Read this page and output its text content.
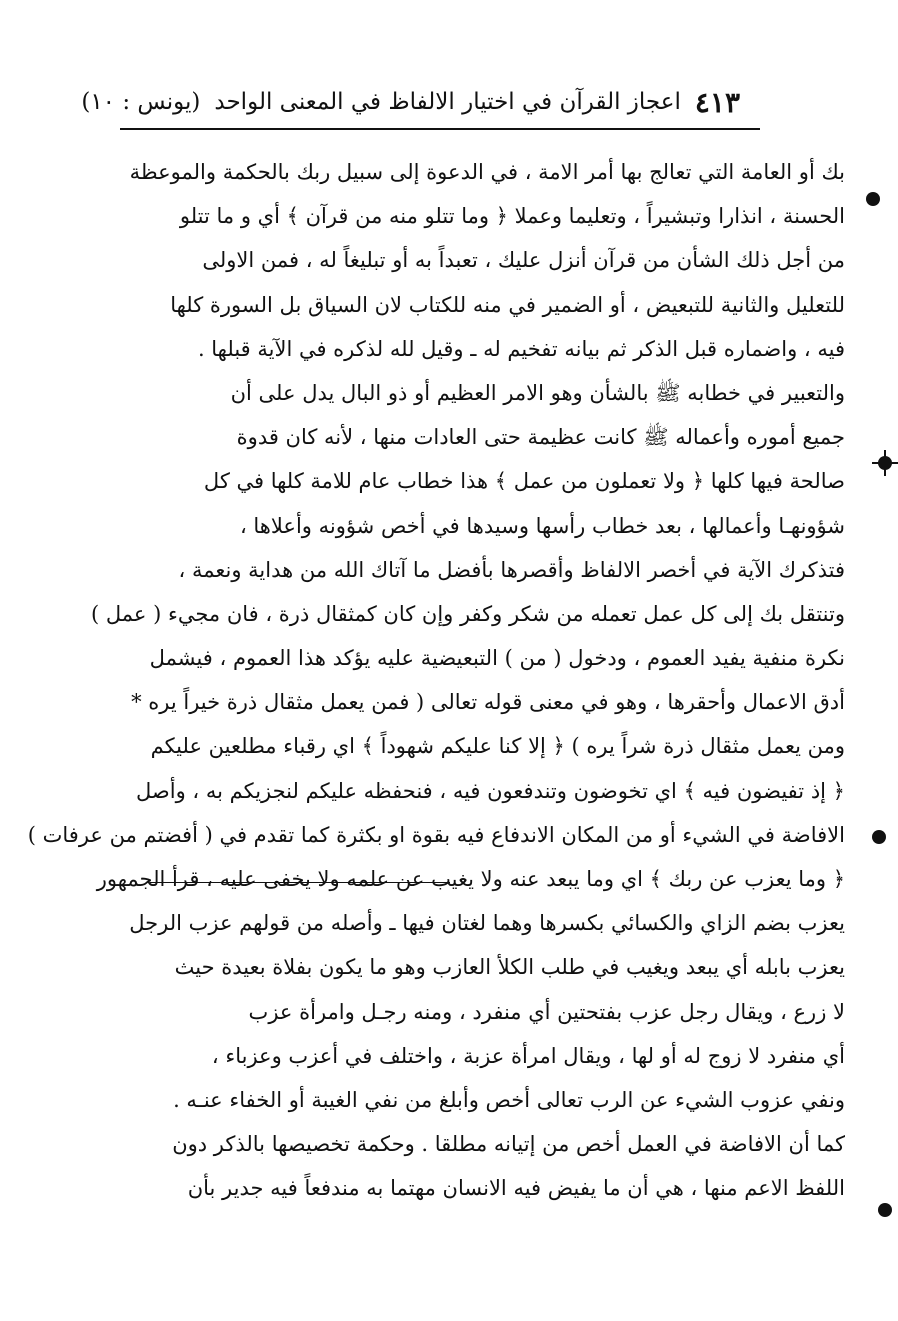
٤١٣
اعجاز القرآن في اختيار الالفاظ في المعنى الواحد
(يونس : ١٠)
بك أو العامة التي تعالج بها أمر الامة ، في الدعوة إلى سبيل ربك بالحكمة والموعظة
الحسنة ، انذارا وتبشيراً ، وتعليما وعملا ﴿ وما تتلو منه من قرآن ﴾ أي و ما تتلو
من أجل ذلك الشأن من قرآن أنزل عليك ، تعبداً به أو تبليغاً له ، فمن الاولى
للتعليل والثانية للتبعيض ، أو الضمير في منه للكتاب لان السياق بل السورة كلها
فيه ، واضماره قبل الذكر ثم بيانه تفخيم له ـ وقيل لله لذكره في الآية قبلها .
والتعبير في خطابه ﷺ بالشأن وهو الامر العظيم أو ذو البال يدل على أن
جميع أموره وأعماله ﷺ كانت عظيمة حتى العادات منها ، لأنه كان قدوة
صالحة فيها كلها ﴿ ولا تعملون من عمل ﴾ هذا خطاب عام للامة كلها في كل
شؤونهـا وأعمالها ، بعد خطاب رأسها وسيدها في أخص شؤونه وأعلاها ،
فتذكرك الآية في أخصر الالفاظ وأقصرها بأفضل ما آتاك الله من هداية ونعمة ،
وتنتقل بك إلى كل عمل تعمله من شكر وكفر وإن كان كمثقال ذرة ، فان مجيء ( عمل )
نكرة منفية يفيد العموم ، ودخول ( من ) التبعيضية عليه يؤكد هذا العموم ، فيشمل
أدق الاعمال وأحقرها ، وهو في معنى قوله تعالى ( فمن يعمل مثقال ذرة خيراً يره *
ومن يعمل مثقال ذرة شراً يره ) ﴿ إلا كنا عليكم شهوداً ﴾ اي رقباء مطلعين عليكم
﴿ إذ تفيضون فيه ﴾ اي تخوضون وتندفعون فيه ، فنحفظه عليكم لنجزيكم به ، وأصل
الافاضة في الشيء أو من المكان الاندفاع فيه بقوة او بكثرة كما تقدم في ( أفضتم من عرفات )
﴿ وما يعزب عن ربك ﴾ اي وما يبعد عنه ولا يغيب عن علمه ولا يخفى عليه ، قرأ الجمهور
يعزب بضم الزاي والكسائي بكسرها وهما لغتان فيها ـ وأصله من قولهم عزب الرجل
يعزب بابله أي يبعد ويغيب في طلب الكلأ العازب وهو ما يكون بفلاة بعيدة حيث
لا زرع ، ويقال رجل عزب بفتحتين أي منفرد ، ومنه رجـل وامرأة عزب
أي منفرد لا زوج له أو لها ، ويقال امرأة عزبة ، واختلف في أعزب وعزباء ،
ونفي عزوب الشيء عن الرب تعالى أخص وأبلغ من نفي الغيبة أو الخفاء عنـه .
كما أن الافاضة في العمل أخص من إتيانه مطلقا . وحكمة تخصيصها بالذكر دون
اللفظ الاعم منها ، هي أن ما يفيض فيه الانسان مهتما به مندفعاً فيه جدير بأن
